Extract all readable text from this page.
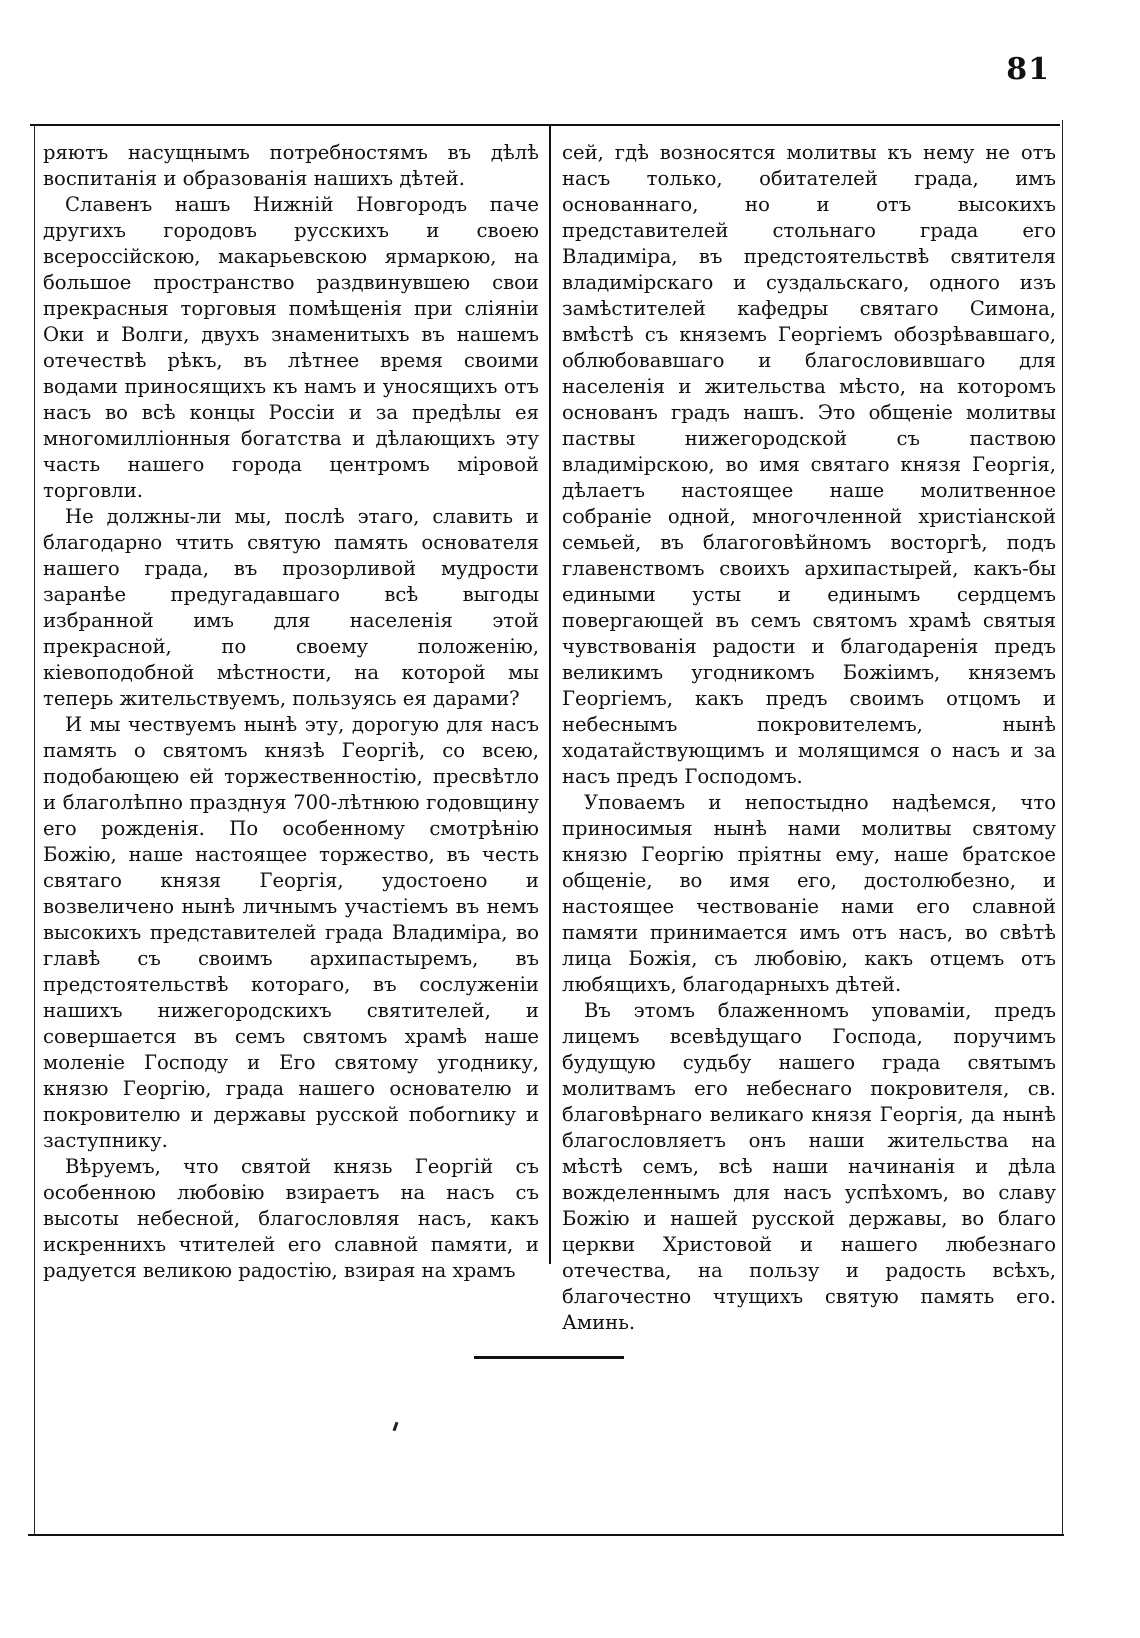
81

ряютъ насущнымъ потребностямъ въ дѣлѣ воспитанія и образованія нашихъ дѣтей.

Славенъ нашъ Нижній Новгородъ паче другихъ городовъ русскихъ и своею всероссійскою, макарьевскою ярмаркою, на большое пространство раздвинувшею свои прекрасныя торговыя помѣщенія при сліяніи Оки и Волги, двухъ знаменитыхъ въ нашемъ отечествѣ рѣкъ, въ лѣтнее время своими водами приносящихъ къ намъ и уносящихъ отъ насъ во всѣ концы Россіи и за предѣлы ея многомилліонныя богатства и дѣлающихъ эту часть нашего города центромъ міровой торговли.

Не должны-ли мы, послѣ этаго, славить и благодарно чтить святую память основателя нашего града, въ прозорливой мудрости заранѣе предугадавшаго всѣ выгоды избранной имъ для населенія этой прекрасной, по своему положенію, кіевоподобной мѣстности, на которой мы теперь жительствуемъ, пользуясь ея дарами?

И мы чествуемъ нынѣ эту, дорогую для насъ память о святомъ князѣ Георгіѣ, со всею, подобающею ей торжественностію, пресвѣтло и благолѣпно празднуя 700-лѣтнюю годовщину его рожденія. По особенному смотрѣнію Божію, наше настоящее торжество, въ честь святаго князя Георгія, удостоено и возвеличено нынѣ личнымъ участіемъ въ немъ высокихъ представителей града Владиміра, во главѣ съ своимъ архипастыремъ, въ предстоятельствѣ котораго, въ сослуженіи нашихъ нижегородскихъ святителей, и совершается въ семъ святомъ храмѣ наше моленіе Господу и Его святому угоднику, князю Георгію, града нашего основателю и покровителю и державы русской побornику и заступнику.

Вѣруемъ, что святой князь Георгій съ особенною любовію взираетъ на насъ съ высоты небесной, благословляя насъ, какъ искреннихъ чтителей его славной памяти, и радуется великою радостію, взирая на храмъ

сей, гдѣ возносятся молитвы къ нему не отъ насъ только, обитателей града, имъ основаннаго, но и отъ высокихъ представителей стольнаго града его Владиміра, въ предстоятельствѣ святителя владимірскаго и суздальскаго, одного изъ замѣстителей кафедры святаго Симона, вмѣстѣ съ княземъ Георгіемъ обозрѣвавшаго, облюбовавшаго и благословившаго для населенія и жительства мѣсто, на которомъ основанъ градъ нашъ. Это общеніе молитвы паствы нижегородской съ паствою владимірскою, во имя святаго князя Георгія, дѣлаетъ настоящее наше молитвенное собраніе одной, многочленной христіанской семьей, въ благоговѣйномъ восторгѣ, подъ главенствомъ своихъ архипастырей, какъ-бы едиными усты и единымъ сердцемъ повергающей въ семъ святомъ храмѣ святыя чувствованія радости и благодаренія предъ великимъ угодникомъ Божіимъ, княземъ Георгіемъ, какъ предъ своимъ отцомъ и небеснымъ покровителемъ, нынѣ ходатайствующимъ и молящимся о насъ и за насъ предъ Господомъ.

Уповаемъ и непостыдно надѣемся, что приносимыя нынѣ нами молитвы святому князю Георгію пріятны ему, наше братское общеніе, во имя его, достолюбезно, и настоящее чествованіе нами его славной памяти принимается имъ отъ насъ, во свѣтѣ лица Божія, съ любовію, какъ отцемъ отъ любящихъ, благодарныхъ дѣтей.

Въ этомъ блаженномъ уповаміи, предъ лицемъ всевѣдущаго Господа, поручимъ будущую судьбу нашего града святымъ молитвамъ его небеснаго покровителя, св. благовѣрнаго великаго князя Георгія, да нынѣ благословляетъ онъ наши жительства на мѣстѣ семъ, всѣ наши начинанія и дѣла вожделеннымъ для насъ успѣхомъ, во славу Божію и нашей русской державы, во благо церкви Христовой и нашего любезнаго отечества, на пользу и радость всѣхъ, благочестно чтущихъ святую память его. Аминь.
